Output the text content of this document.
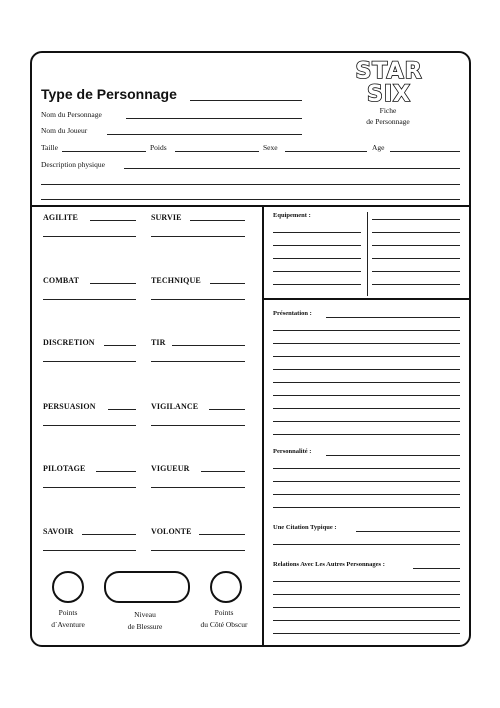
Type de Personnage
Nom du Personnage
Nom du Joueur
Taille	Poids	Sexe	Age
Description physique
STAR
SIX
Fiche
de Personnage
AGILITE	SURVIE
COMBAT	TECHNIQUE
DISCRETION	TIR
PERSUASION	VIGILANCE
PILOTAGE	VIGUEUR
SAVOIR	VOLONTE
Points
d´Aventure
Niveau
de Blessure
Points
du Côté Obscur
Equipement :
Présentation :
Personnalité :
Une Citation Typique :
Relations Avec Les Autres Personnages :
